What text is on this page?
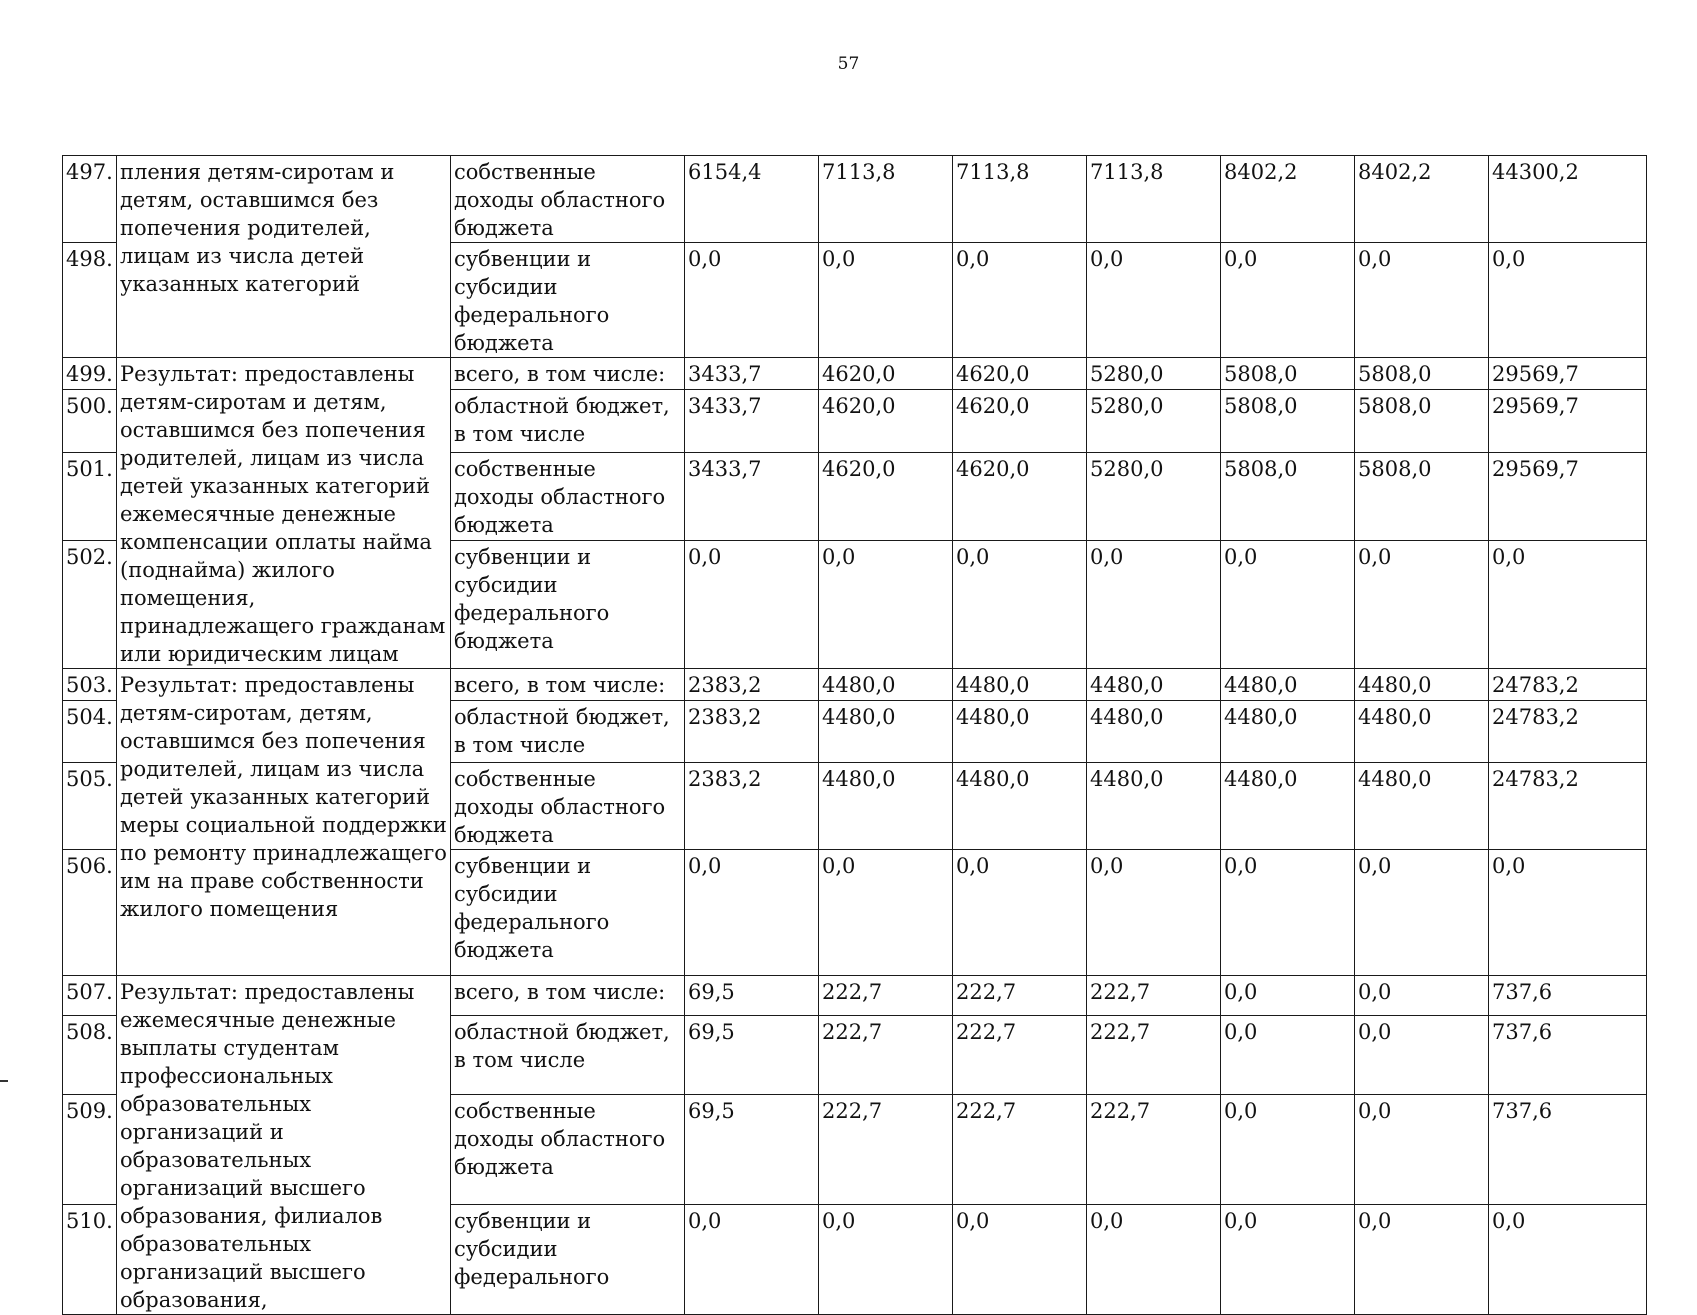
57
497.	пления детям-сиротам и детям, оставшимся без попечения родителей, лицам из числа детей указанных категорий	собственные доходы областного бюджета	6154,4	7113,8	7113,8	7113,8	8402,2	8402,2	44300,2
498.		субвенции и субсидии федерального бюджета	0,0	0,0	0,0	0,0	0,0	0,0	0,0
499.	Результат: предоставлены детям-сиротам и детям, оставшимся без попечения родителей, лицам из числа детей указанных категорий ежемесячные денежные компенсации оплаты найма (поднайма) жилого помещения, принадлежащего гражданам или юридическим лицам	всего, в том числе:	3433,7	4620,0	4620,0	5280,0	5808,0	5808,0	29569,7
500.		областной бюджет, в том числе	3433,7	4620,0	4620,0	5280,0	5808,0	5808,0	29569,7
501.		собственные доходы областного бюджета	3433,7	4620,0	4620,0	5280,0	5808,0	5808,0	29569,7
502.		субвенции и субсидии федерального бюджета	0,0	0,0	0,0	0,0	0,0	0,0	0,0
503.	Результат: предоставлены детям-сиротам, детям, оставшимся без попечения родителей, лицам из числа детей указанных категорий меры социальной поддержки по ремонту принадлежащего им на праве собственности жилого помещения	всего, в том числе:	2383,2	4480,0	4480,0	4480,0	4480,0	4480,0	24783,2
504.		областной бюджет, в том числе	2383,2	4480,0	4480,0	4480,0	4480,0	4480,0	24783,2
505.		собственные доходы областного бюджета	2383,2	4480,0	4480,0	4480,0	4480,0	4480,0	24783,2
506.		субвенции и субсидии федерального бюджета	0,0	0,0	0,0	0,0	0,0	0,0	0,0
507.	Результат: предоставлены ежемесячные денежные выплаты студентам профессиональных образовательных организаций и образовательных организаций высшего образования, филиалов образовательных организаций высшего образования,	всего, в том числе:	69,5	222,7	222,7	222,7	0,0	0,0	737,6
508.		областной бюджет, в том числе	69,5	222,7	222,7	222,7	0,0	0,0	737,6
509.		собственные доходы областного бюджета	69,5	222,7	222,7	222,7	0,0	0,0	737,6
510.		субвенции и субсидии федерального	0,0	0,0	0,0	0,0	0,0	0,0	0,0
